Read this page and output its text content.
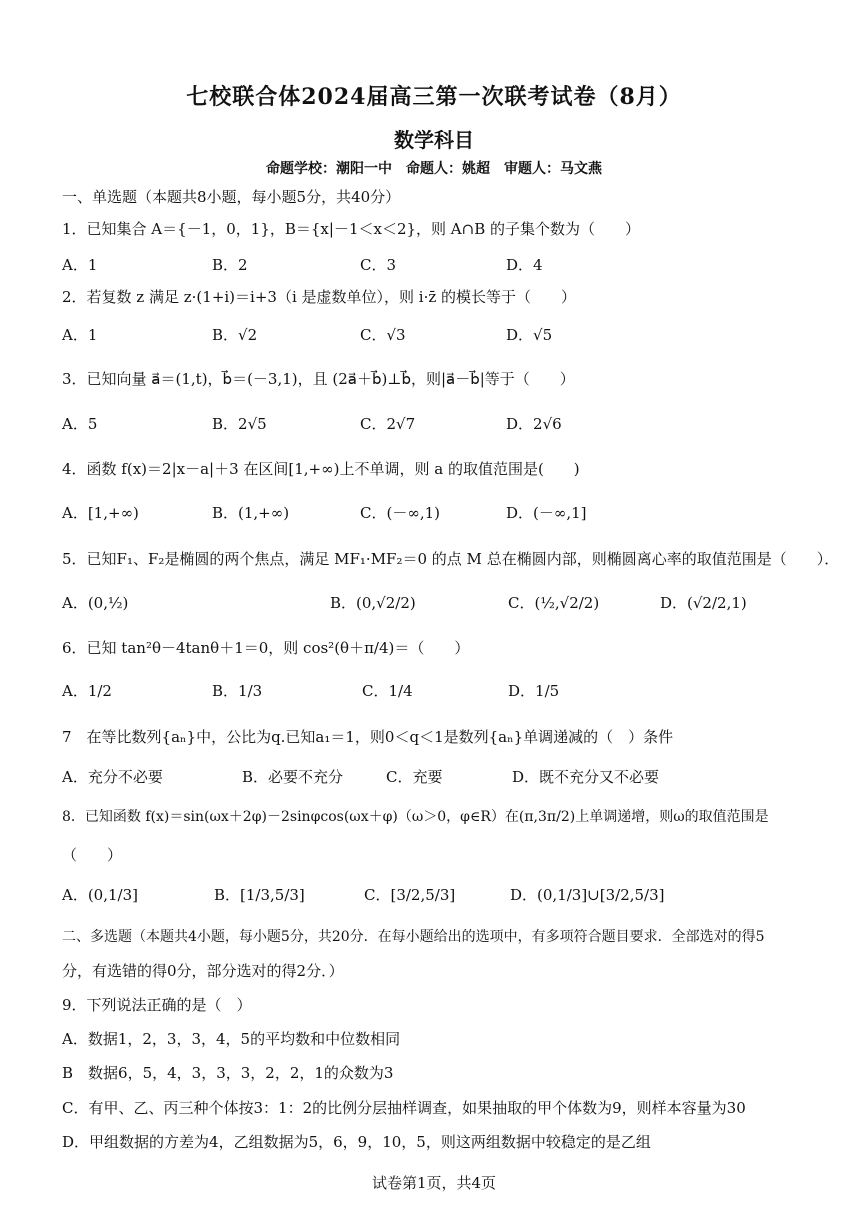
七校联合体2024届高三第一次联考试卷（8月）
数学科目
命题学校：潮阳一中　命题人：姚超　审题人：马文燕
一、单选题（本题共8小题，每小题5分，共40分）
1．已知集合 A＝{－1，0，1}，B＝{x|－1＜x＜2}，则 A∩B 的子集个数为（　　）
A．1	B．2	C．3	D．4
2．若复数 z 满足 z·(1+i)＝i+3（i 是虚数单位），则 i·z̄ 的模长等于（　　）
A．1	B．√2	C．√3	D．√5
3．已知向量 a⃗＝(1,t)，b⃗＝(－3,1)，且 (2a⃗＋b⃗)⊥b⃗，则|a⃗－b⃗|等于（　　）
A．5	B．2√5	C．2√7	D．2√6
4．函数 f(x)＝2|x－a|＋3 在区间[1,+∞)上不单调，则 a 的取值范围是(　　)
A．[1,+∞)	B．(1,+∞)	C．(－∞,1)	D．(－∞,1]
5．已知F₁、F₂是椭圆的两个焦点，满足 MF₁·MF₂＝0 的点 M 总在椭圆内部，则椭圆离心率的取值范围是（　　）．
A．(0,½)	B．(0,√2/2)	C．(½,√2/2)	D．(√2/2,1)
6．已知 tan²θ－4tanθ＋1＝0，则 cos²(θ＋π/4)＝（　　）
A．1/2	B．1/3	C．1/4	D．1/5
7　在等比数列{aₙ}中，公比为q.已知a₁＝1，则0＜q＜1是数列{aₙ}单调递减的（　）条件
A．充分不必要	B．必要不充分	C．充要	D．既不充分又不必要
8．已知函数 f(x)＝sin(ωx＋2φ)－2sinφcos(ωx＋φ)（ω＞0，φ∈R）在(π,3π/2)上单调递增，则ω的取值范围是
（　　）
A．(0,1/3]	B．[1/3,5/3]	C．[3/2,5/3]	D．(0,1/3]∪[3/2,5/3]
二、多选题（本题共4小题，每小题5分，共20分．在每小题给出的选项中，有多项符合题目要求．全部选对的得5
分，有选错的得0分，部分选对的得2分．）
9．下列说法正确的是（　）
A．数据1，2，3，3，4，5的平均数和中位数相同
B　数据6，5，4，3，3，3，2，2，1的众数为3
C．有甲、乙、丙三种个体按3：1：2的比例分层抽样调查，如果抽取的甲个体数为9，则样本容量为30
D．甲组数据的方差为4，乙组数据为5，6，9，10，5，则这两组数据中较稳定的是乙组
试卷第1页，共4页
